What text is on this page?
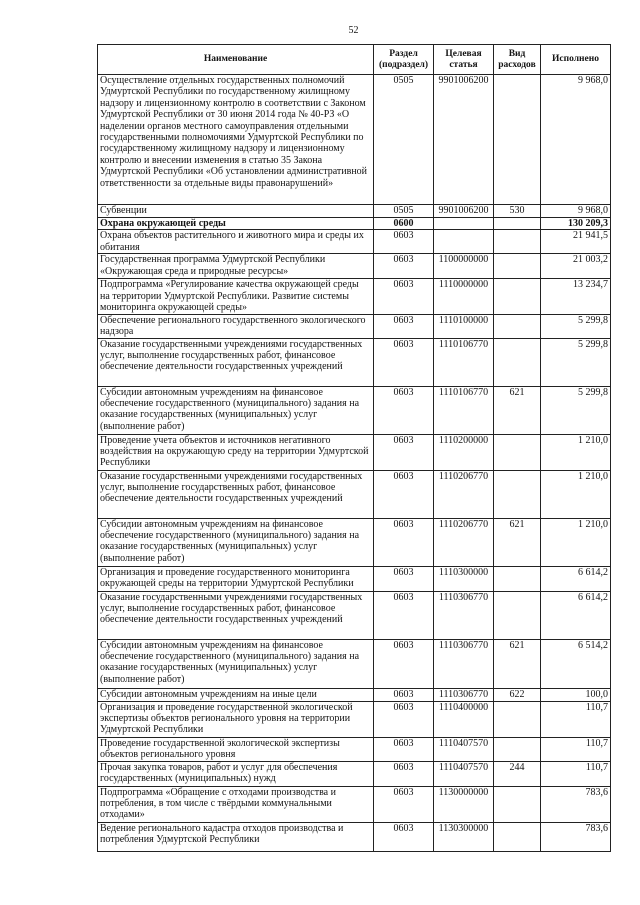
52
Наименование	Раздел (подраздел)	Целевая статья	Вид расходов	Исполнено
Осуществление отдельных государственных полномочий Удмуртской Республики по государственному жилищному надзору и лицензионному контролю в соответствии с Законом Удмуртской Республики от 30 июня 2014 года № 40-РЗ «О наделении органов местного самоуправления отдельными государственными полномочиями Удмуртской Республики по государственному жилищному надзору и лицензионному контролю и внесении изменения в статью 35 Закона Удмуртской Республики «Об установлении административной ответственности за отдельные виды правонарушений»	0505	9901006200		9 968,0
Субвенции	0505	9901006200	530	9 968,0
Охрана окружающей среды	0600			130 209,3
Охрана объектов растительного и животного мира и среды их обитания	0603			21 941,5
Государственная программа Удмуртской Республики «Окружающая среда и природные ресурсы»	0603	1100000000		21 003,2
Подпрограмма «Регулирование качества окружающей среды на территории Удмуртской Республики. Развитие системы мониторинга окружающей среды»	0603	1110000000		13 234,7
Обеспечение регионального государственного экологического надзора	0603	1110100000		5 299,8
Оказание государственными учреждениями государственных услуг, выполнение государственных работ, финансовое обеспечение деятельности государственных учреждений	0603	1110106770		5 299,8
Субсидии автономным учреждениям на финансовое обеспечение государственного (муниципального) задания на оказание государственных (муниципальных) услуг (выполнение работ)	0603	1110106770	621	5 299,8
Проведение учета объектов и источников негативного воздействия на окружающую среду на территории Удмуртской Республики	0603	1110200000		1 210,0
Оказание государственными учреждениями государственных услуг, выполнение государственных работ, финансовое обеспечение деятельности государственных учреждений	0603	1110206770		1 210,0
Субсидии автономным учреждениям на финансовое обеспечение государственного (муниципального) задания на оказание государственных (муниципальных) услуг (выполнение работ)	0603	1110206770	621	1 210,0
Организация и проведение государственного мониторинга окружающей среды на территории Удмуртской Республики	0603	1110300000		6 614,2
Оказание государственными учреждениями государственных услуг, выполнение государственных работ, финансовое обеспечение деятельности государственных учреждений	0603	1110306770		6 614,2
Субсидии автономным учреждениям на финансовое обеспечение государственного (муниципального) задания на оказание государственных (муниципальных) услуг (выполнение работ)	0603	1110306770	621	6 514,2
Субсидии автономным учреждениям на иные цели	0603	1110306770	622	100,0
Организация и проведение государственной экологической экспертизы объектов регионального уровня на территории Удмуртской Республики	0603	1110400000		110,7
Проведение государственной экологической экспертизы объектов регионального уровня	0603	1110407570		110,7
Прочая закупка товаров, работ и услуг для обеспечения государственных (муниципальных) нужд	0603	1110407570	244	110,7
Подпрограмма «Обращение с отходами производства и потребления, в том числе с твёрдыми коммунальными отходами»	0603	1130000000		783,6
Ведение регионального кадастра отходов производства и потребления Удмуртской Республики	0603	1130300000		783,6
